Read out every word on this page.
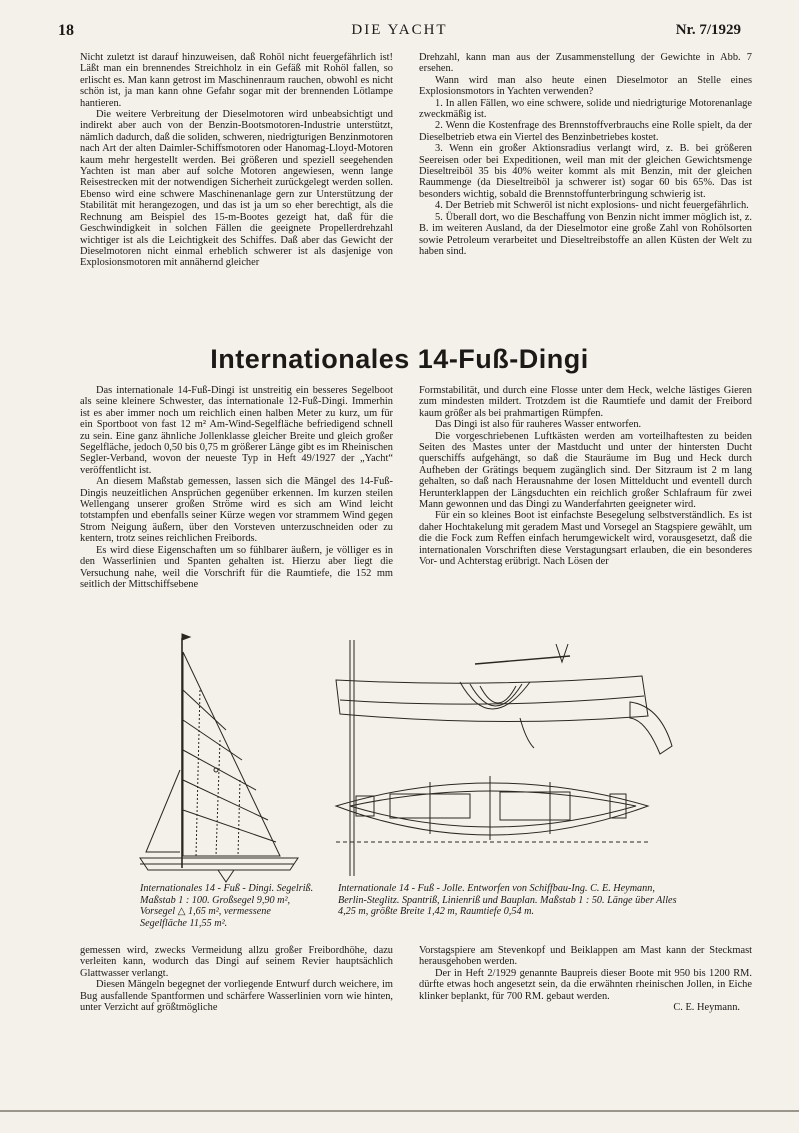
18	DIE YACHT	Nr. 7/1929

Nicht zuletzt ist darauf hinzuweisen, daß Rohöl nicht feuergefährlich ist! Läßt man ein brennendes Streichholz in ein Gefäß mit Rohöl fallen, so erlischt es. Man kann getrost im Maschinenraum rauchen, obwohl es nicht schön ist, ja man kann ohne Gefahr sogar mit der brennenden Lötlampe hantieren.

Die weitere Verbreitung der Dieselmotoren wird unbeabsichtigt und indirekt aber auch von der Benzin-Bootsmotoren-Industrie unterstützt, nämlich dadurch, daß die soliden, schweren, niedrigturigen Benzinmotoren nach Art der alten Daimler-Schiffsmotoren oder Hanomag-Lloyd-Motoren kaum mehr hergestellt werden. Bei größeren und speziell seegehenden Yachten ist man aber auf solche Motoren angewiesen, wenn lange Reisestrecken mit der notwendigen Sicherheit zurückgelegt werden sollen. Ebenso wird eine schwere Maschinenanlage gern zur Unterstützung der Stabilität mit herangezogen, und das ist ja um so eher berechtigt, als die Rechnung am Beispiel des 15-m-Bootes gezeigt hat, daß für die Geschwindigkeit in solchen Fällen die geeignete Propellerdrehzahl wichtiger ist als die Leichtigkeit des Schiffes. Daß aber das Gewicht der Dieselmotoren nicht einmal erheblich schwerer ist als dasjenige von Explosionsmotoren mit annähernd gleicher

Drehzahl, kann man aus der Zusammenstellung der Gewichte in Abb. 7 ersehen.

Wann wird man also heute einen Dieselmotor an Stelle eines Explosionsmotors in Yachten verwenden?

1. In allen Fällen, wo eine schwere, solide und niedrigturige Motorenanlage zweckmäßig ist.

2. Wenn die Kostenfrage des Brennstoffverbrauchs eine Rolle spielt, da der Dieselbetrieb etwa ein Viertel des Benzinbetriebes kostet.

3. Wenn ein großer Aktionsradius verlangt wird, z. B. bei größeren Seereisen oder bei Expeditionen, weil man mit der gleichen Gewichtsmenge Dieseltreiböl 35 bis 40% weiter kommt als mit Benzin, mit der gleichen Raummenge (da Dieseltreiböl ja schwerer ist) sogar 60 bis 65%. Das ist besonders wichtig, sobald die Brennstoffunterbringung schwierig ist.

4. Der Betrieb mit Schweröl ist nicht explosions- und nicht feuergefährlich.

5. Überall dort, wo die Beschaffung von Benzin nicht immer möglich ist, z. B. im weiteren Ausland, da der Dieselmotor eine große Zahl von Rohölsorten sowie Petroleum verarbeitet und Dieseltreibstoffe an allen Küsten der Welt zu haben sind.

Internationales 14-Fuß-Dingi

Das internationale 14-Fuß-Dingi ist unstreitig ein besseres Segelboot als seine kleinere Schwester, das internationale 12-Fuß-Dingi. Immerhin ist es aber immer noch um reichlich einen halben Meter zu kurz, um für ein Sportboot von fast 12 m² Am-Wind-Segelfläche befriedigend schnell zu sein. Eine ganz ähnliche Jollenklasse gleicher Breite und gleich großer Segelfläche, jedoch 0,50 bis 0,75 m größerer Länge gibt es im Rheinischen Segler-Verband, wovon der neueste Typ in Heft 49/1927 der „Yacht“ veröffentlicht ist.

An diesem Maßstab gemessen, lassen sich die Mängel des 14-Fuß-Dingis neuzeitlichen Ansprüchen gegenüber erkennen. Im kurzen steilen Wellengang unserer großen Ströme wird es sich am Wind leicht totstampfen und ebenfalls seiner Kürze wegen vor strammem Wind gegen Strom Neigung äußern, über den Vorsteven unterzuschneiden oder zu kentern, trotz seines reichlichen Freibords.

Es wird diese Eigenschaften um so fühlbarer äußern, je völliger es in den Wasserlinien und Spanten gehalten ist. Hierzu aber liegt die Versuchung nahe, weil die Vorschrift für die Raumtiefe, die 152 mm seitlich der Mittschiffsebene

Formstabilität, und durch eine Flosse unter dem Heck, welche lästiges Gieren zum mindesten mildert. Trotzdem ist die Raumtiefe und damit der Freibord kaum größer als bei prahmartigen Rümpfen.

Das Dingi ist also für rauheres Wasser entworfen.

Die vorgeschriebenen Luftkästen werden am vorteilhaftesten zu beiden Seiten des Mastes unter der Mastducht und unter der hintersten Ducht querschiffs aufgehängt, so daß die Stauräume im Bug und Heck durch Aufheben der Grätings bequem zugänglich sind. Der Sitzraum ist 2 m lang gehalten, so daß nach Herausnahme der losen Mittelducht und eventell durch Herunterklappen der Längsduchten ein reichlich großer Schlafraum für zwei Mann gewonnen und das Dingi zu Wanderfahrten geeigneter wird.

Für ein so kleines Boot ist einfachste Besegelung selbstverständlich. Es ist daher Hochtakelung mit geradem Mast und Vorsegel an Stagspiere gewählt, um die die Fock zum Reffen einfach herumgewickelt wird, vorausgesetzt, daß die internationalen Vorschriften diese Verstagungsart erlauben, die ein besonderes Vor- und Achterstag erübrigt. Nach Lösen der

Internationales 14 - Fuß - Dingi. Segelriß. Maßstab 1 : 100. Großsegel 9,90 m², Vorsegel △ 1,65 m², vermessene Segelfläche 11,55 m².
Internationale 14 - Fuß - Jolle. Entworfen von Schiffbau-Ing. C. E. Heymann, Berlin-Steglitz. Spantriß, Linienriß und Bauplan. Maßstab 1 : 50. Länge über Alles 4,25 m, größte Breite 1,42 m, Raumtiefe 0,54 m.

gemessen wird, zwecks Vermeidung allzu großer Freibordhöhe, dazu verleiten kann, wodurch das Dingi auf seinem Revier hauptsächlich Glattwasser verlangt.

Diesen Mängeln begegnet der vorliegende Entwurf durch weichere, im Bug ausfallende Spantformen und schärfere Wasserlinien vorn wie hinten, unter Verzicht auf größtmögliche

Vorstagspiere am Stevenkopf und Beiklappen am Mast kann der Steckmast herausgehoben werden.

Der in Heft 2/1929 genannte Baupreis dieser Boote mit 950 bis 1200 RM. dürfte etwas hoch angesetzt sein, da die erwähnten rheinischen Jollen, in Eiche klinker beplankt, für 700 RM. gebaut werden.

C. E. Heymann.
